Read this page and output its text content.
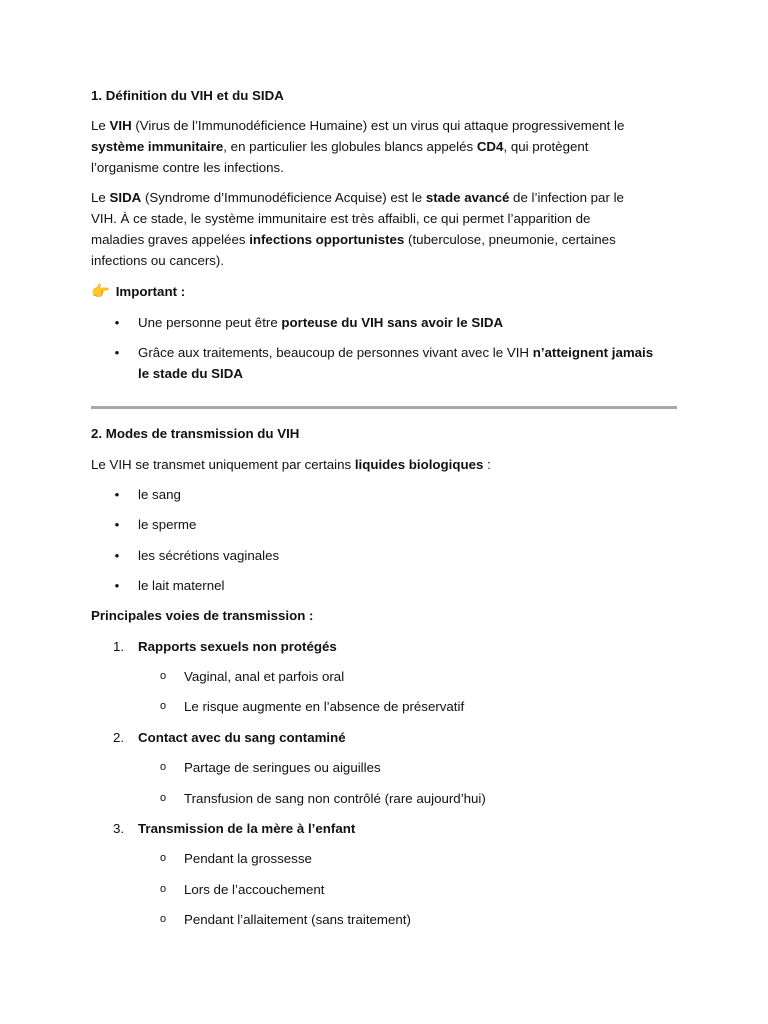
1. Définition du VIH et du SIDA
Le VIH (Virus de l’Immunodéficience Humaine) est un virus qui attaque progressivement le
système immunitaire, en particulier les globules blancs appelés CD4, qui protègent
l’organisme contre les infections.
Le SIDA (Syndrome d’Immunodéficience Acquise) est le stade avancé de l’infection par le
VIH. À ce stade, le système immunitaire est très affaibli, ce qui permet l’apparition de
maladies graves appelées infections opportunistes (tuberculose, pneumonie, certaines
infections ou cancers).
👉 Important :
• Une personne peut être porteuse du VIH sans avoir le SIDA
• Grâce aux traitements, beaucoup de personnes vivant avec le VIH n’atteignent jamais
le stade du SIDA
2. Modes de transmission du VIH
Le VIH se transmet uniquement par certains liquides biologiques :
• le sang
• le sperme
• les sécrétions vaginales
• le lait maternel
Principales voies de transmission :
1. Rapports sexuels non protégés
o Vaginal, anal et parfois oral
o Le risque augmente en l’absence de préservatif
2. Contact avec du sang contaminé
o Partage de seringues ou aiguilles
o Transfusion de sang non contrôlé (rare aujourd’hui)
3. Transmission de la mère à l’enfant
o Pendant la grossesse
o Lors de l’accouchement
o Pendant l’allaitement (sans traitement)
